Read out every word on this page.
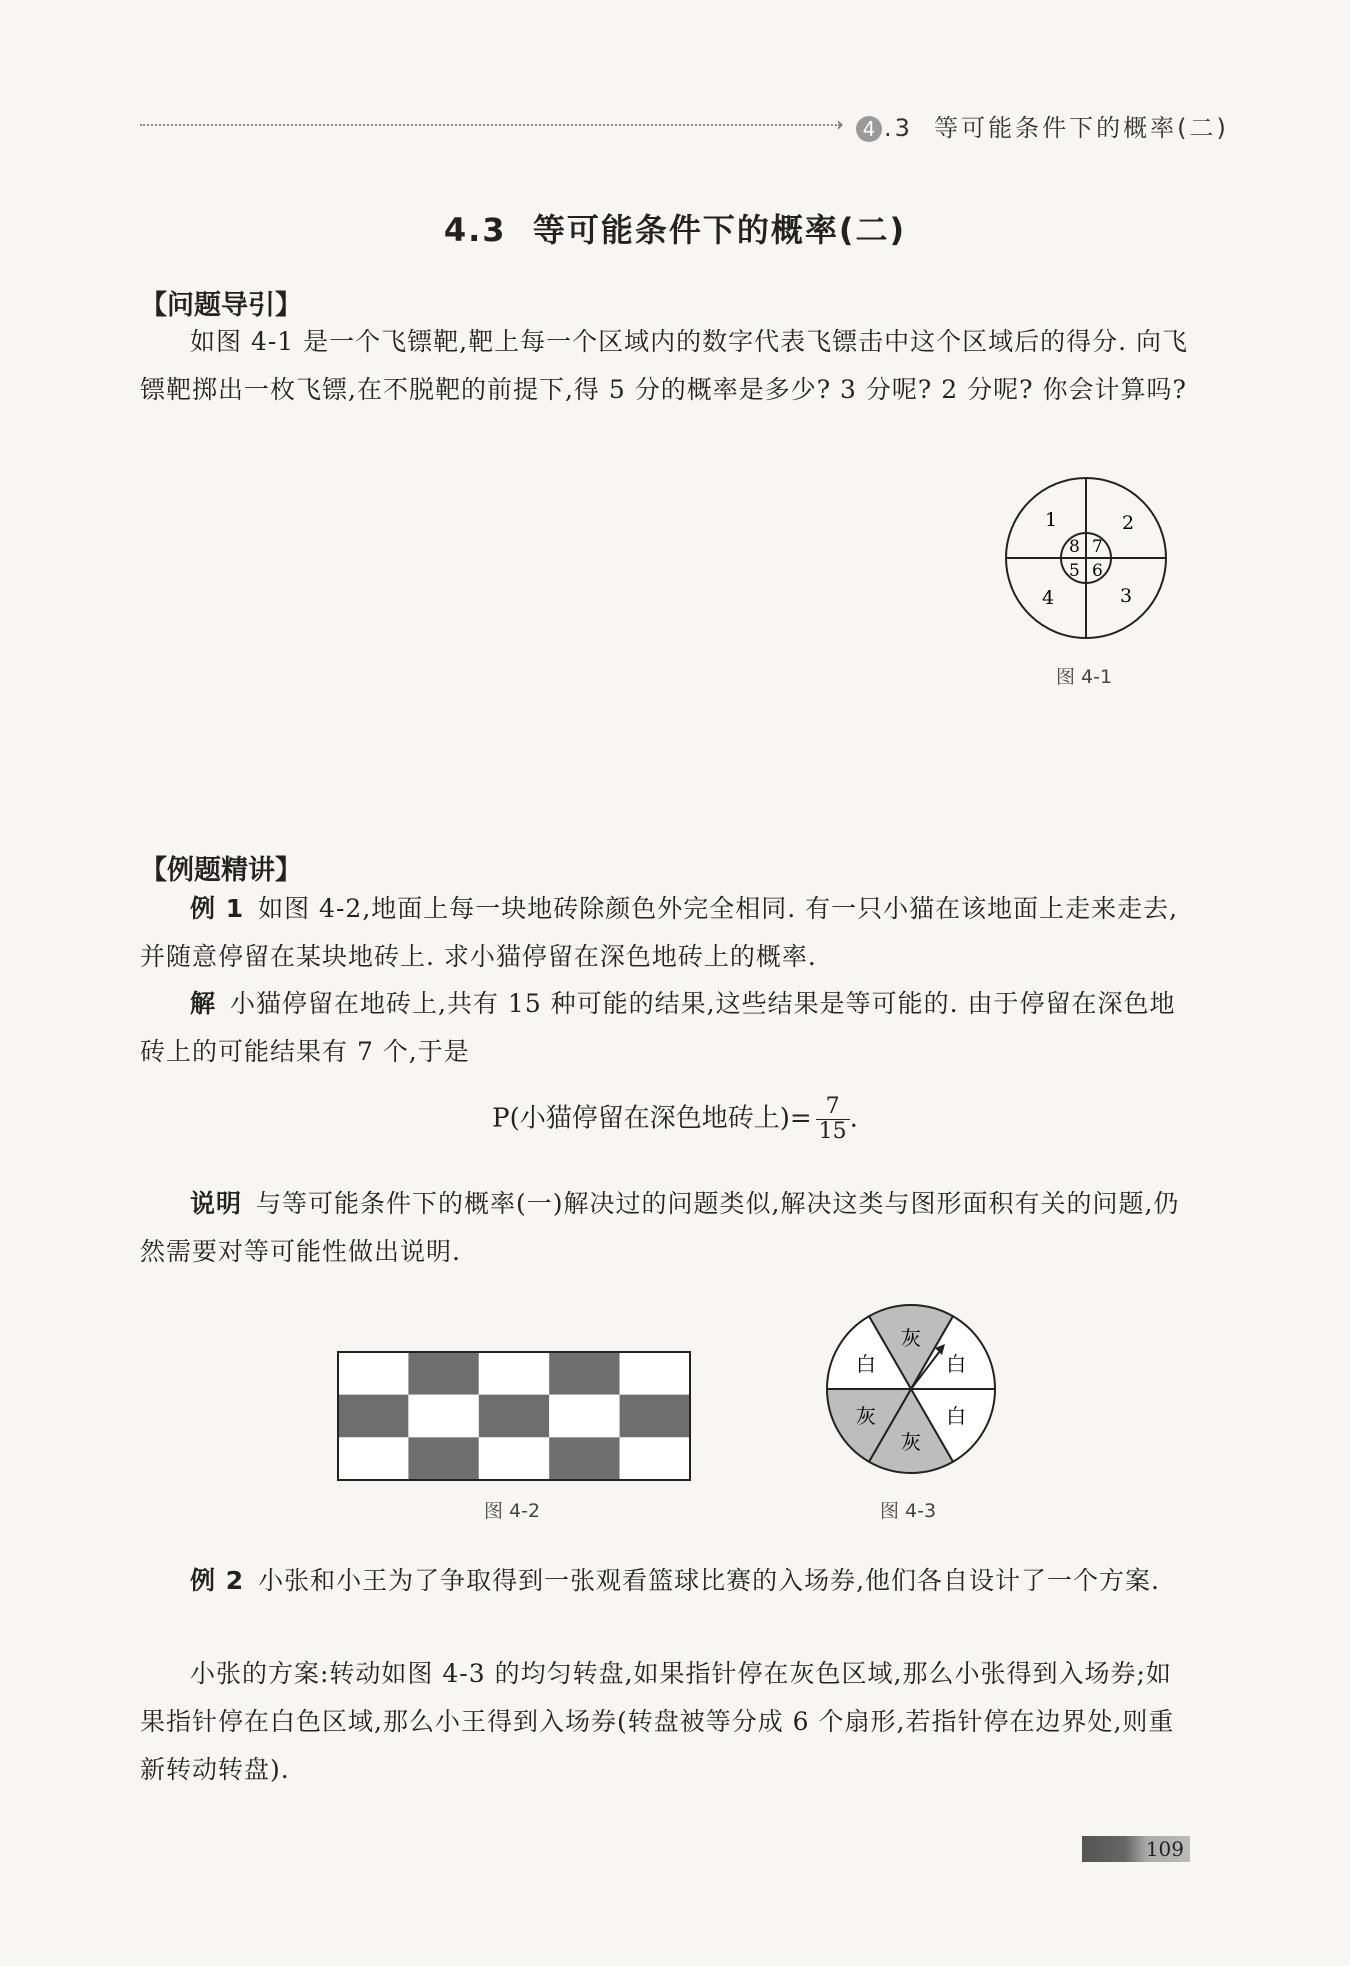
› 4 .3 等可能条件下的概率(二)
4.3  等可能条件下的概率(二)
【问题导引】
如图 4-1 是一个飞镖靶,靶上每一个区域内的数字代表飞镖击中这个区域后的得分. 向飞镖靶掷出一枚飞镖,在不脱靶的前提下,得 5 分的概率是多少? 3 分呢? 2 分呢? 你会计算吗?
1	2
3
4
8 7
6
5
图 4-1
【例题精讲】
例 1 如图 4-2,地面上每一块地砖除颜色外完全相同. 有一只小猫在该地面上走来走去,并随意停留在某块地砖上. 求小猫停留在深色地砖上的概率.
解 小猫停留在地砖上,共有 15 种可能的结果,这些结果是等可能的. 由于停留在深色地砖上的可能结果有 7 个,于是
P(小猫停留在深色地砖上)= $\frac{7}{15}$ .
说明 与等可能条件下的概率(一)解决过的问题类似,解决这类与图形面积有关的问题,仍然需要对等可能性做出说明.
图 4-2
灰
白
白
灰
灰
白
图 4-3
例 2 小张和小王为了争取得到一张观看篮球比赛的入场券,他们各自设计了一个方案.
小张的方案:转动如图 4-3 的均匀转盘,如果指针停在灰色区域,那么小张得到入场券;如果指针停在白色区域,那么小王得到入场券(转盘被等分成 6 个扇形,若指针停在边界处,则重新转动转盘).
109
